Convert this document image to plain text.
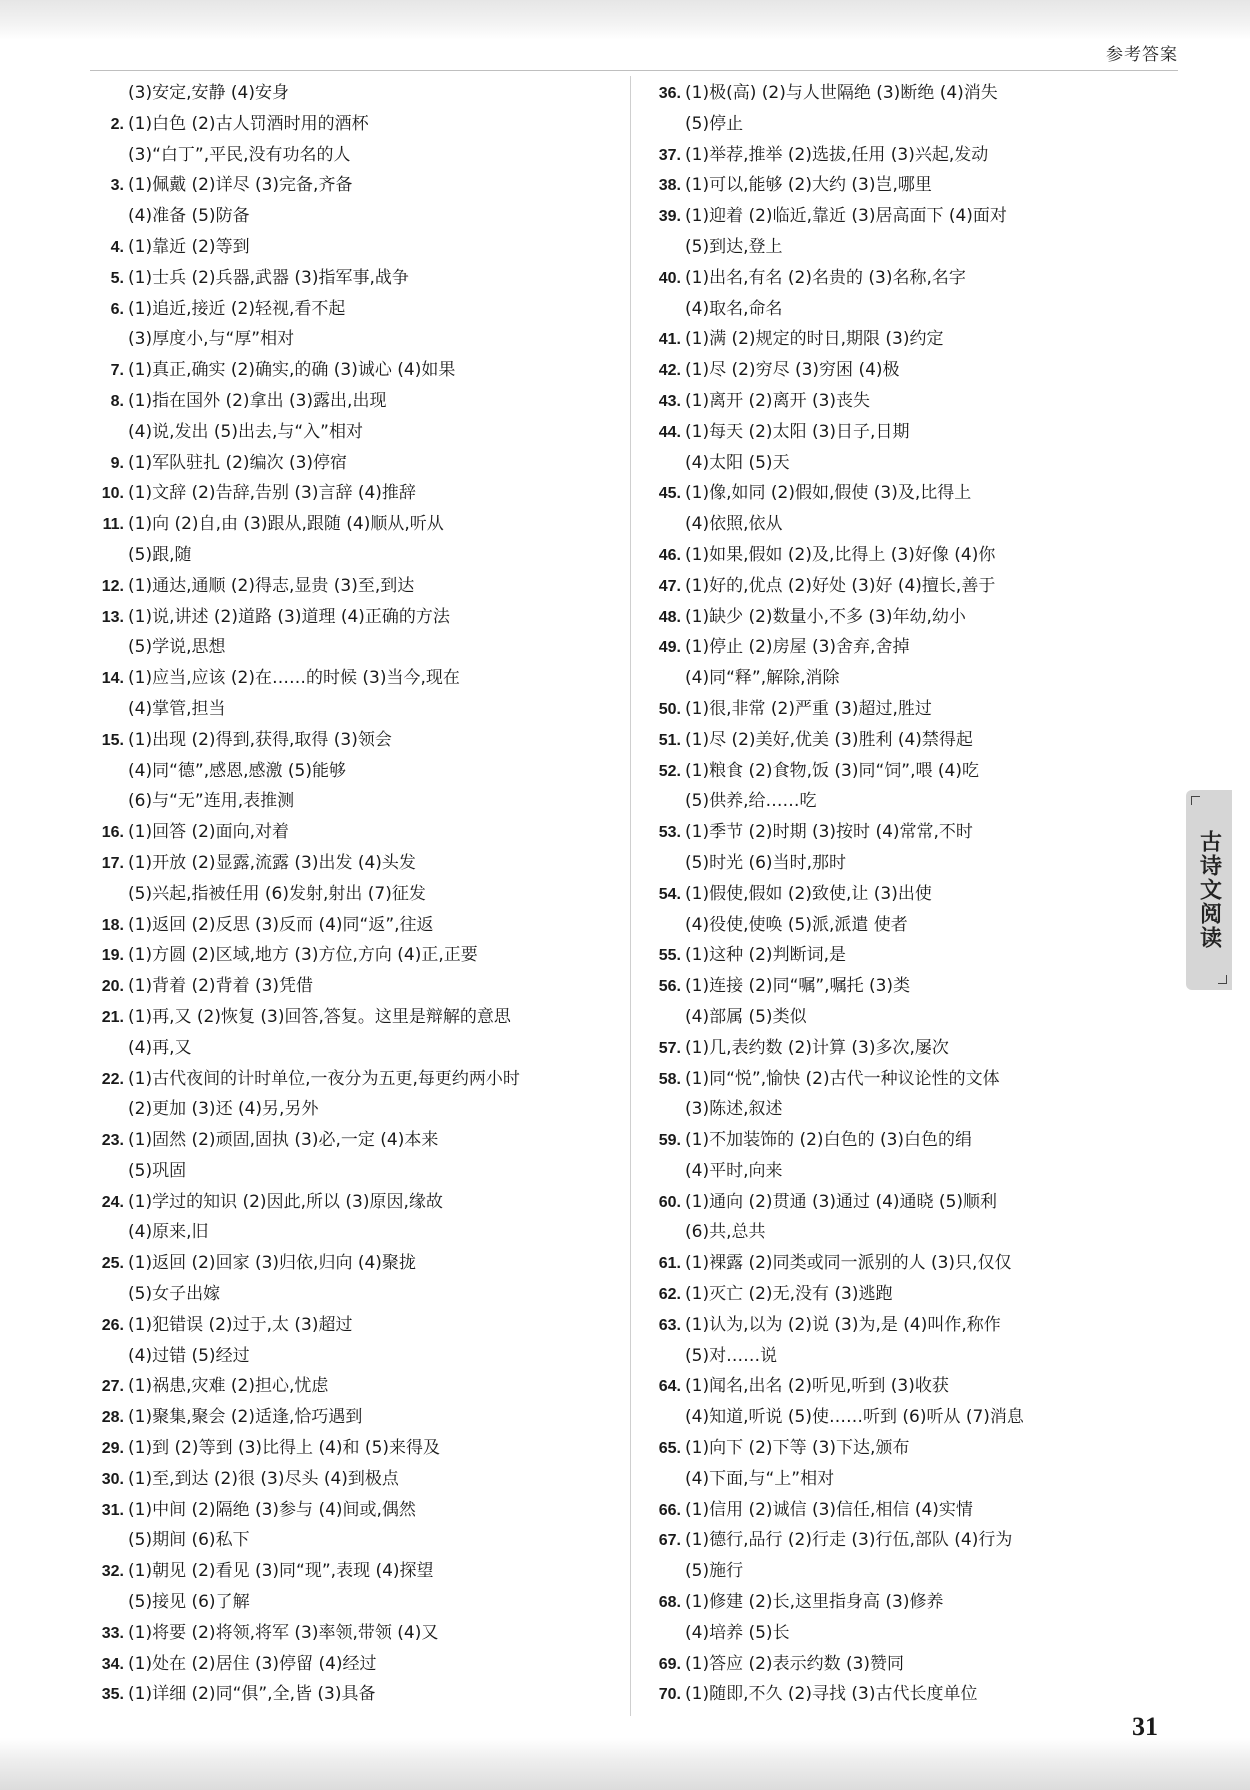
参考答案
(3)安定,安静 (4)安身
2. (1)白色 (2)古人罚酒时用的酒杯
(3)“白丁”,平民,没有功名的人
3. (1)佩戴 (2)详尽 (3)完备,齐备
(4)准备 (5)防备
4. (1)靠近 (2)等到
5. (1)士兵 (2)兵器,武器 (3)指军事,战争
6. (1)追近,接近 (2)轻视,看不起
(3)厚度小,与“厚”相对
7. (1)真正,确实 (2)确实,的确 (3)诚心 (4)如果
8. (1)指在国外 (2)拿出 (3)露出,出现
(4)说,发出 (5)出去,与“入”相对
9. (1)军队驻扎 (2)编次 (3)停宿
10. (1)文辞 (2)告辞,告别 (3)言辞 (4)推辞
11. (1)向 (2)自,由 (3)跟从,跟随 (4)顺从,听从
(5)跟,随
12. (1)通达,通顺 (2)得志,显贵 (3)至,到达
13. (1)说,讲述 (2)道路 (3)道理 (4)正确的方法
(5)学说,思想
14. (1)应当,应该 (2)在……的时候 (3)当今,现在
(4)掌管,担当
15. (1)出现 (2)得到,获得,取得 (3)领会
(4)同“德”,感恩,感激 (5)能够
(6)与“无”连用,表推测
16. (1)回答 (2)面向,对着
17. (1)开放 (2)显露,流露 (3)出发 (4)头发
(5)兴起,指被任用 (6)发射,射出 (7)征发
18. (1)返回 (2)反思 (3)反而 (4)同“返”,往返
19. (1)方圆 (2)区域,地方 (3)方位,方向 (4)正,正要
20. (1)背着 (2)背着 (3)凭借
21. (1)再,又 (2)恢复 (3)回答,答复。这里是辩解的意思
(4)再,又
22. (1)古代夜间的计时单位,一夜分为五更,每更约两小时
(2)更加 (3)还 (4)另,另外
23. (1)固然 (2)顽固,固执 (3)必,一定 (4)本来
(5)巩固
24. (1)学过的知识 (2)因此,所以 (3)原因,缘故
(4)原来,旧
25. (1)返回 (2)回家 (3)归依,归向 (4)聚拢
(5)女子出嫁
26. (1)犯错误 (2)过于,太 (3)超过
(4)过错 (5)经过
27. (1)祸患,灾难 (2)担心,忧虑
28. (1)聚集,聚会 (2)适逢,恰巧遇到
29. (1)到 (2)等到 (3)比得上 (4)和 (5)来得及
30. (1)至,到达 (2)很 (3)尽头 (4)到极点
31. (1)中间 (2)隔绝 (3)参与 (4)间或,偶然
(5)期间 (6)私下
32. (1)朝见 (2)看见 (3)同“现”,表现 (4)探望
(5)接见 (6)了解
33. (1)将要 (2)将领,将军 (3)率领,带领 (4)又
34. (1)处在 (2)居住 (3)停留 (4)经过
35. (1)详细 (2)同“俱”,全,皆 (3)具备
36. (1)极(高) (2)与人世隔绝 (3)断绝 (4)消失
(5)停止
37. (1)举荐,推举 (2)选拔,任用 (3)兴起,发动
38. (1)可以,能够 (2)大约 (3)岂,哪里
39. (1)迎着 (2)临近,靠近 (3)居高面下 (4)面对
(5)到达,登上
40. (1)出名,有名 (2)名贵的 (3)名称,名字
(4)取名,命名
41. (1)满 (2)规定的时日,期限 (3)约定
42. (1)尽 (2)穷尽 (3)穷困 (4)极
43. (1)离开 (2)离开 (3)丧失
44. (1)每天 (2)太阳 (3)日子,日期
(4)太阳 (5)天
45. (1)像,如同 (2)假如,假使 (3)及,比得上
(4)依照,依从
46. (1)如果,假如 (2)及,比得上 (3)好像 (4)你
47. (1)好的,优点 (2)好处 (3)好 (4)擅长,善于
48. (1)缺少 (2)数量小,不多 (3)年幼,幼小
49. (1)停止 (2)房屋 (3)舍弃,舍掉
(4)同“释”,解除,消除
50. (1)很,非常 (2)严重 (3)超过,胜过
51. (1)尽 (2)美好,优美 (3)胜利 (4)禁得起
52. (1)粮食 (2)食物,饭 (3)同“饲”,喂 (4)吃
(5)供养,给……吃
53. (1)季节 (2)时期 (3)按时 (4)常常,不时
(5)时光 (6)当时,那时
54. (1)假使,假如 (2)致使,让 (3)出使
(4)役使,使唤 (5)派,派遣 使者
55. (1)这种 (2)判断词,是
56. (1)连接 (2)同“嘱”,嘱托 (3)类
(4)部属 (5)类似
57. (1)几,表约数 (2)计算 (3)多次,屡次
58. (1)同“悦”,愉快 (2)古代一种议论性的文体
(3)陈述,叙述
59. (1)不加装饰的 (2)白色的 (3)白色的绢
(4)平时,向来
60. (1)通向 (2)贯通 (3)通过 (4)通晓 (5)顺利
(6)共,总共
61. (1)裸露 (2)同类或同一派别的人 (3)只,仅仅
62. (1)灭亡 (2)无,没有 (3)逃跑
63. (1)认为,以为 (2)说 (3)为,是 (4)叫作,称作
(5)对……说
64. (1)闻名,出名 (2)听见,听到 (3)收获
(4)知道,听说 (5)使……听到 (6)听从 (7)消息
65. (1)向下 (2)下等 (3)下达,颁布
(4)下面,与“上”相对
66. (1)信用 (2)诚信 (3)信任,相信 (4)实情
67. (1)德行,品行 (2)行走 (3)行伍,部队 (4)行为
(5)施行
68. (1)修建 (2)长,这里指身高 (3)修养
(4)培养 (5)长
69. (1)答应 (2)表示约数 (3)赞同
70. (1)随即,不久 (2)寻找 (3)古代长度单位
古诗文阅读
31
